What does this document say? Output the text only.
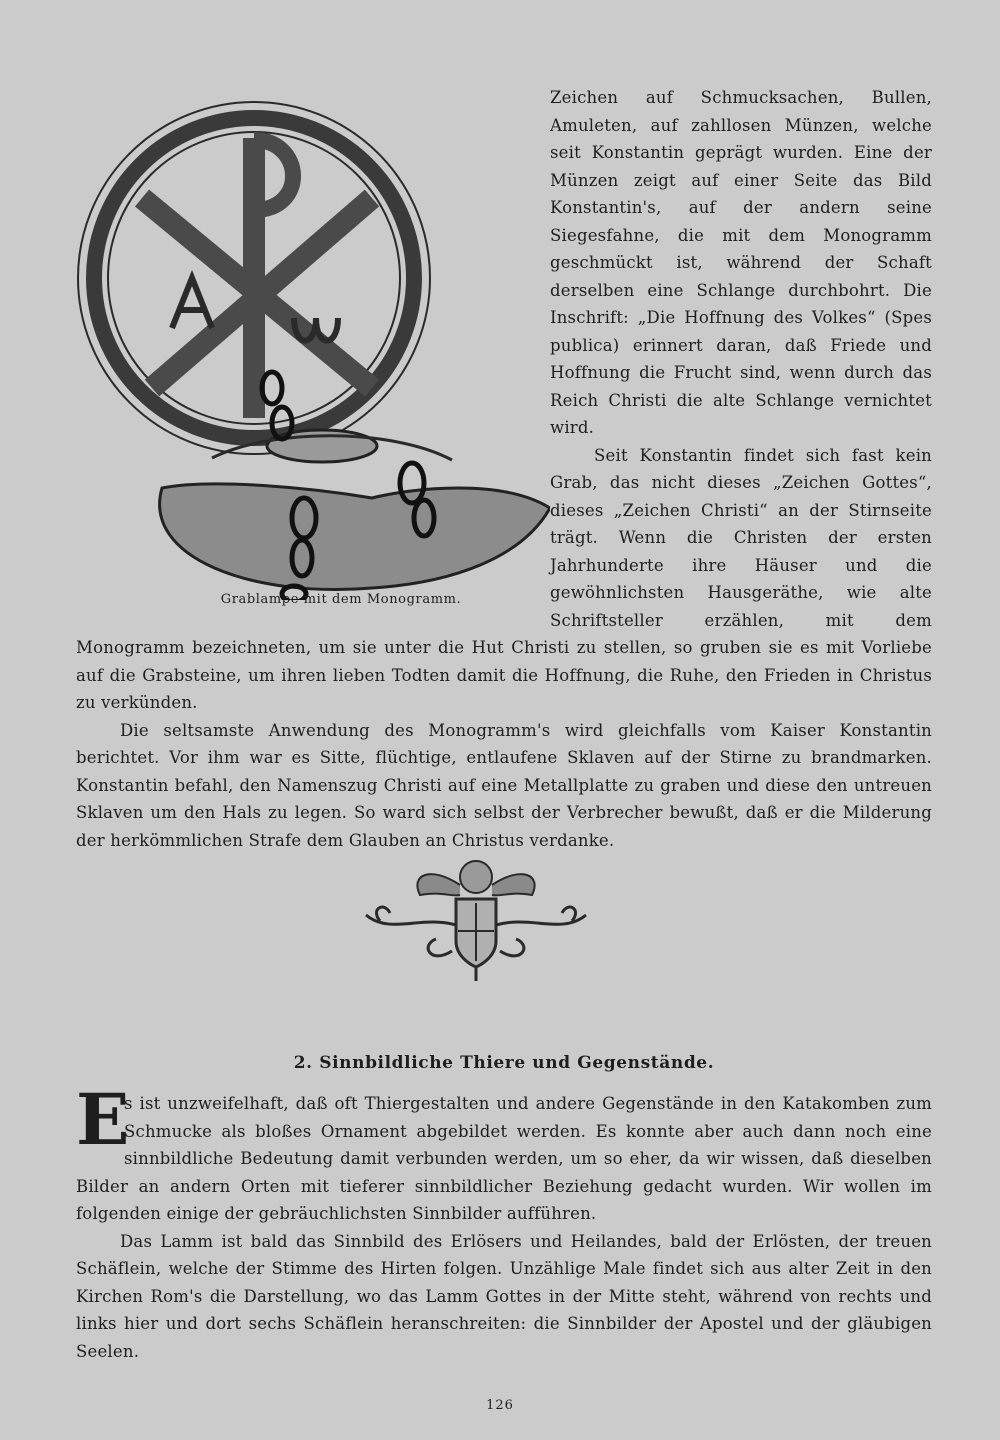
Grablampe mit dem Monogramm.

Zeichen auf Schmucksachen, Bullen, Amuleten, auf zahllosen Münzen, welche seit Konstantin geprägt wurden. Eine der Münzen zeigt auf einer Seite das Bild Konstantin's, auf der andern seine Siegesfahne, die mit dem Monogramm geschmückt ist, während der Schaft derselben eine Schlange durchbohrt. Die Inschrift: „Die Hoffnung des Volkes“ (Spes publica) erinnert daran, daß Friede und Hoffnung die Frucht sind, wenn durch das Reich Christi die alte Schlange vernichtet wird.

Seit Konstantin findet sich fast kein Grab, das nicht dieses „Zeichen Gottes“, dieses „Zeichen Christi“ an der Stirnseite trägt. Wenn die Christen der ersten Jahrhunderte ihre Häuser und die gewöhnlichsten Hausgeräthe, wie alte Schriftsteller erzählen, mit dem Monogramm bezeichneten, um sie unter die Hut Christi zu stellen, so gruben sie es mit Vorliebe auf die Grabsteine, um ihren lieben Todten damit die Hoffnung, die Ruhe, den Frieden in Christus zu verkünden.

Die seltsamste Anwendung des Monogramm's wird gleichfalls vom Kaiser Konstantin berichtet. Vor ihm war es Sitte, flüchtige, entlaufene Sklaven auf der Stirne zu brandmarken. Konstantin befahl, den Namenszug Christi auf eine Metallplatte zu graben und diese den untreuen Sklaven um den Hals zu legen. So ward sich selbst der Verbrecher bewußt, daß er die Milderung der herkömmlichen Strafe dem Glauben an Christus verdanke.

2. Sinnbildliche Thiere und Gegenstände.
E

s ist unzweifelhaft, daß oft Thiergestalten und andere Gegenstände in den Katakomben zum Schmucke als bloßes Ornament abgebildet werden. Es konnte aber auch dann noch eine sinnbildliche Bedeutung damit verbunden werden, um so eher, da wir wissen, daß dieselben Bilder an andern Orten mit tieferer sinnbildlicher Beziehung gedacht wurden. Wir wollen im folgenden einige der gebräuchlichsten Sinnbilder aufführen.

Das Lamm ist bald das Sinnbild des Erlösers und Heilandes, bald der Erlösten, der treuen Schäflein, welche der Stimme des Hirten folgen. Unzählige Male findet sich aus alter Zeit in den Kirchen Rom's die Darstellung, wo das Lamm Gottes in der Mitte steht, während von rechts und links hier und dort sechs Schäflein heranschreiten: die Sinnbilder der Apostel und der gläubigen Seelen.

126
